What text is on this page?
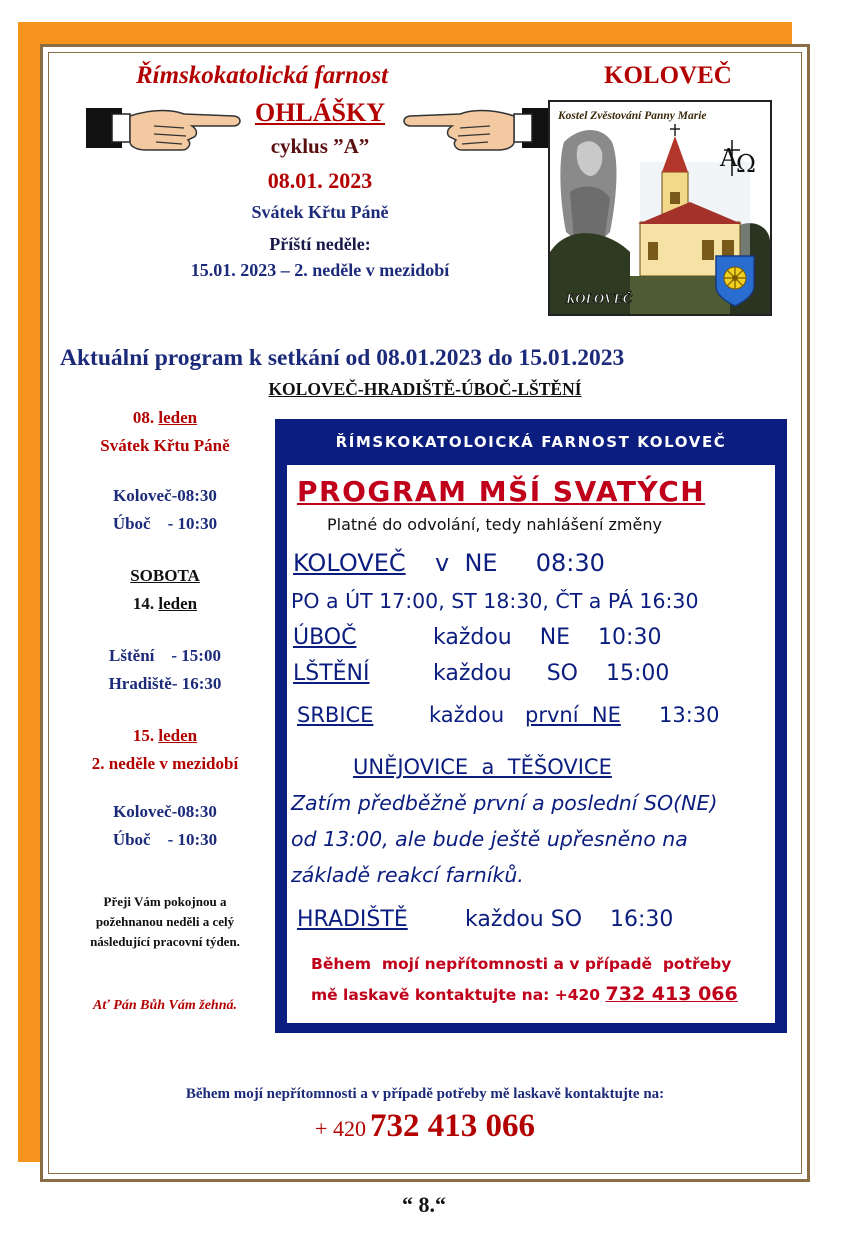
Římskokatolická farnost	KOLOVEČ
OHLÁŠKY
cyklus ”A”
08.01. 2023
Svátek Křtu Páně
Příští neděle:
15.01. 2023 – 2. neděle v mezidobí
Kostel Zvěstování Panny Marie
A
Ω
KOLOVEČ
Aktuální program k setkání od 08.01.2023 do 15.01.2023
KOLOVEČ-HRADIŠTĚ-ÚBOČ-LŠTĚNÍ
08. leden
Svátek Křtu Páně
Koloveč-08:30
Úboč    - 10:30
SOBOTA
14. leden
Lštění    - 15:00
Hradiště- 16:30
15. leden
2. neděle v mezidobí
Koloveč-08:30
Úboč    - 10:30
Přeji Vám pokojnou a
požehnanou neděli a celý
následující pracovní týden.
Ať Pán Bůh Vám žehná.
ŘÍMSKOKATOLOICKÁ FARNOST KOLOVEČ
PROGRAM MŠÍ SVATÝCH
Platné do odvolání, tedy nahlášení změny
KOLOVEČ v  NE     08:30
PO a ÚT 17:00, ST 18:30, ČT a PÁ 16:30
ÚBOČ	každou    NE    10:30
LŠTĚNÍ	každou     SO    15:00
SRBICE	každou první  NE 13:30
UNĚJOVICE  a  TĚŠOVICE
Zatím předběžně první a poslední SO(NE)
od 13:00, ale bude ještě upřesněno na
základě reakcí farníků.
HRADIŠTĚ	každou SO    16:30
Během  mojí nepřítomnosti a v případě  potřeby
mě laskavě kontaktujte na: +420 732 413 066
Během mojí nepřítomnosti a v případě potřeby mě laskavě kontaktujte na:
+ 420 732 413 066
“ 8.“
